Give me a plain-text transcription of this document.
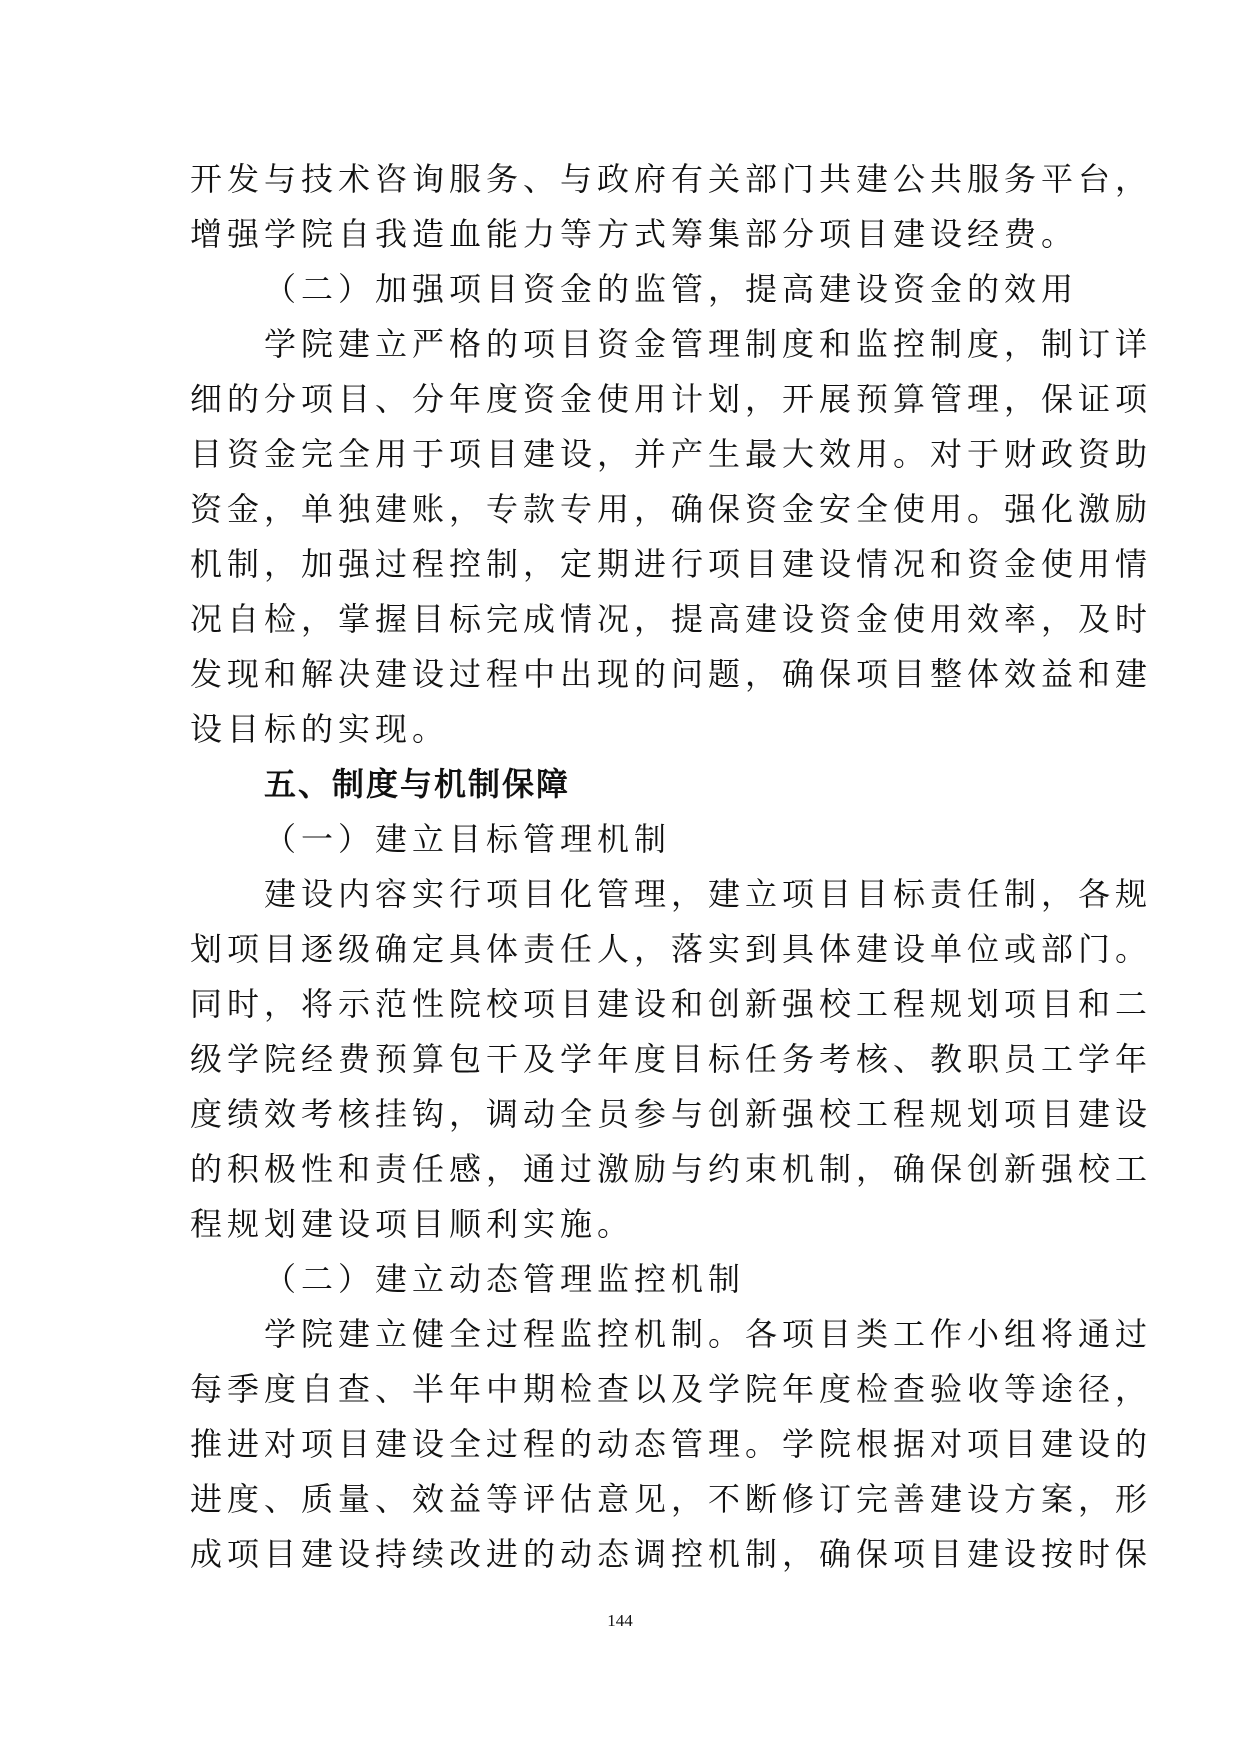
开发与技术咨询服务、与政府有关部门共建公共服务平台，
增强学院自我造血能力等方式筹集部分项目建设经费。
（二）加强项目资金的监管，提高建设资金的效用
学院建立严格的项目资金管理制度和监控制度，制订详
细的分项目、分年度资金使用计划，开展预算管理，保证项
目资金完全用于项目建设，并产生最大效用。对于财政资助
资金，单独建账，专款专用，确保资金安全使用。强化激励
机制，加强过程控制，定期进行项目建设情况和资金使用情
况自检，掌握目标完成情况，提高建设资金使用效率，及时
发现和解决建设过程中出现的问题，确保项目整体效益和建
设目标的实现。
五、制度与机制保障
（一）建立目标管理机制
建设内容实行项目化管理，建立项目目标责任制，各规
划项目逐级确定具体责任人，落实到具体建设单位或部门。
同时，将示范性院校项目建设和创新强校工程规划项目和二
级学院经费预算包干及学年度目标任务考核、教职员工学年
度绩效考核挂钩，调动全员参与创新强校工程规划项目建设
的积极性和责任感，通过激励与约束机制，确保创新强校工
程规划建设项目顺利实施。
（二）建立动态管理监控机制
学院建立健全过程监控机制。各项目类工作小组将通过
每季度自查、半年中期检查以及学院年度检查验收等途径，
推进对项目建设全过程的动态管理。学院根据对项目建设的
进度、质量、效益等评估意见，不断修订完善建设方案，形
成项目建设持续改进的动态调控机制，确保项目建设按时保
144
